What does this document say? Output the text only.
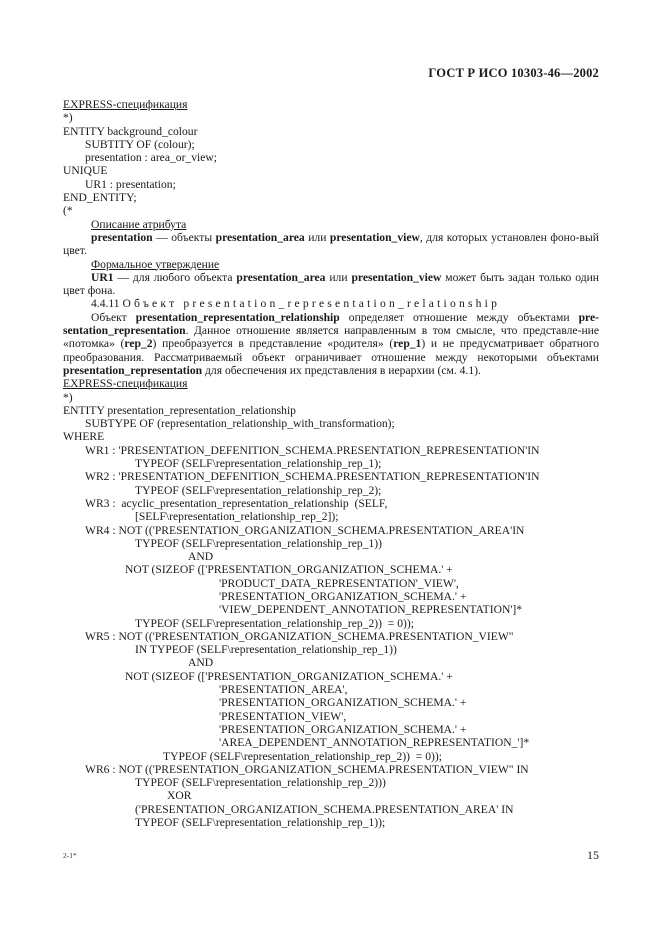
ГОСТ Р ИСО 10303-46—2002
EXPRESS-спецификация
*)
ENTITY background_colour
SUBTITY OF (colour);
presentation : area_or_view;
UNIQUE
UR1 : presentation;
END_ENTITY;
(*
Описание атрибута
presentation — объекты presentation_area или presentation_view, для которых установлен фоно-вый цвет.
Формальное утверждение
UR1 — для любого объекта presentation_area или presentation_view может быть задан только один цвет фона.
4.4.11 Объект presentation_representation_relationship
Объект presentation_representation_relationship определяет отношение между объектами pre-sentation_representation. Данное отношение является направленным в том смысле, что представле-ние «потомка» (rep_2) преобразуется в представление «родителя» (rep_1) и не предусматривает обратного преобразования. Рассматриваемый объект ограничивает отношение между некоторыми объектами presentation_representation для обеспечения их представления в иерархии (см. 4.1).
EXPRESS-спецификация
*)
ENTITY presentation_representation_relationship
SUBTYPE OF (representation_relationship_with_transformation);
WHERE
WR1 : 'PRESENTATION_DEFENITION_SCHEMA.PRESENTATION_REPRESENTATION'IN
TYPEOF (SELF\representation_relationship_rep_1);
WR2 : 'PRESENTATION_DEFENITION_SCHEMA.PRESENTATION_REPRESENTATION'IN
TYPEOF (SELF\representation_relationship_rep_2);
WR3 :  acyclic_presentation_representation_relationship  (SELF,
[SELF\representation_relationship_rep_2]);
WR4 : NOT (('PRESENTATION_ORGANIZATION_SCHEMA.PRESENTATION_AREA'IN
TYPEOF (SELF\representation_relationship_rep_1))
AND
NOT (SIZEOF (['PRESENTATION_ORGANIZATION_SCHEMA.' +
'PRODUCT_DATA_REPRESENTATION'_VIEW',
'PRESENTATION_ORGANIZATION_SCHEMA.' +
'VIEW_DEPENDENT_ANNOTATION_REPRESENTATION']*
TYPEOF (SELF\representation_relationship_rep_2))  = 0));
WR5 : NOT (('PRESENTATION_ORGANIZATION_SCHEMA.PRESENTATION_VIEW"
IN TYPEOF (SELF\representation_relationship_rep_1))
AND
NOT (SIZEOF (['PRESENTATION_ORGANIZATION_SCHEMA.' +
'PRESENTATION_AREA',
'PRESENTATION_ORGANIZATION_SCHEMA.' +
'PRESENTATION_VIEW',
'PRESENTATION_ORGANIZATION_SCHEMA.' +
'AREA_DEPENDENT_ANNOTATION_REPRESENTATION_']*
TYPEOF (SELF\representation_relationship_rep_2))  = 0));
WR6 : NOT (('PRESENTATION_ORGANIZATION_SCHEMA.PRESENTATION_VIEW" IN
TYPEOF (SELF\representation_relationship_rep_2)))
XOR
('PRESENTATION_ORGANIZATION_SCHEMA.PRESENTATION_AREA' IN
TYPEOF (SELF\representation_relationship_rep_1));
2-1*	15
